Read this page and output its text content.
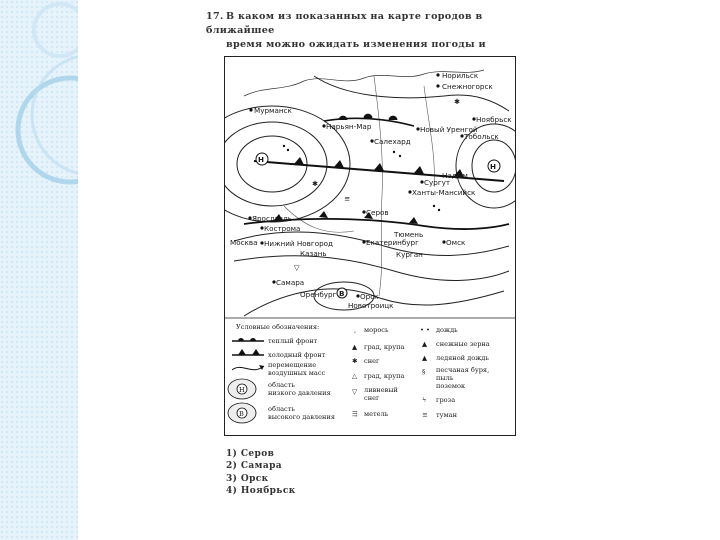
17. В каком из показанных на карте городов в ближайшее
время можно ожидать изменения погоды и
Н
Н
В
Норильск
Снежногорск
Мурманск
Нарьян-Мар	Новый Уренгой
Ноябрьск
Салехард
Тобольск
Ханты-Мансийск
Сургут
Надым
Серов
Ярославль
Кострома
Москва Нижний Новгород
Казань
Екатеринбург
Тюмень
Курган
Омск
Самара
Оренбург	Орск
Новотроицк
✱
✱
≡
▽
Условные обозначения:
теплый фронт
холодный фронт
перемещение
воздушных масс
Н
область
низкого давления
В
область
высокого давления
, морось
▲ град, крупа
✱ снег
△ град, крупа
▽ ливневый
снег
⇶ метель
• • дождь
▲ снежные зерна
▲ ледяной дождь
§ песчаная буря,
пыль
поземок
ϟ гроза
≡ туман
1) Серов
2) Самара
3) Орск
4) Ноябрьск
